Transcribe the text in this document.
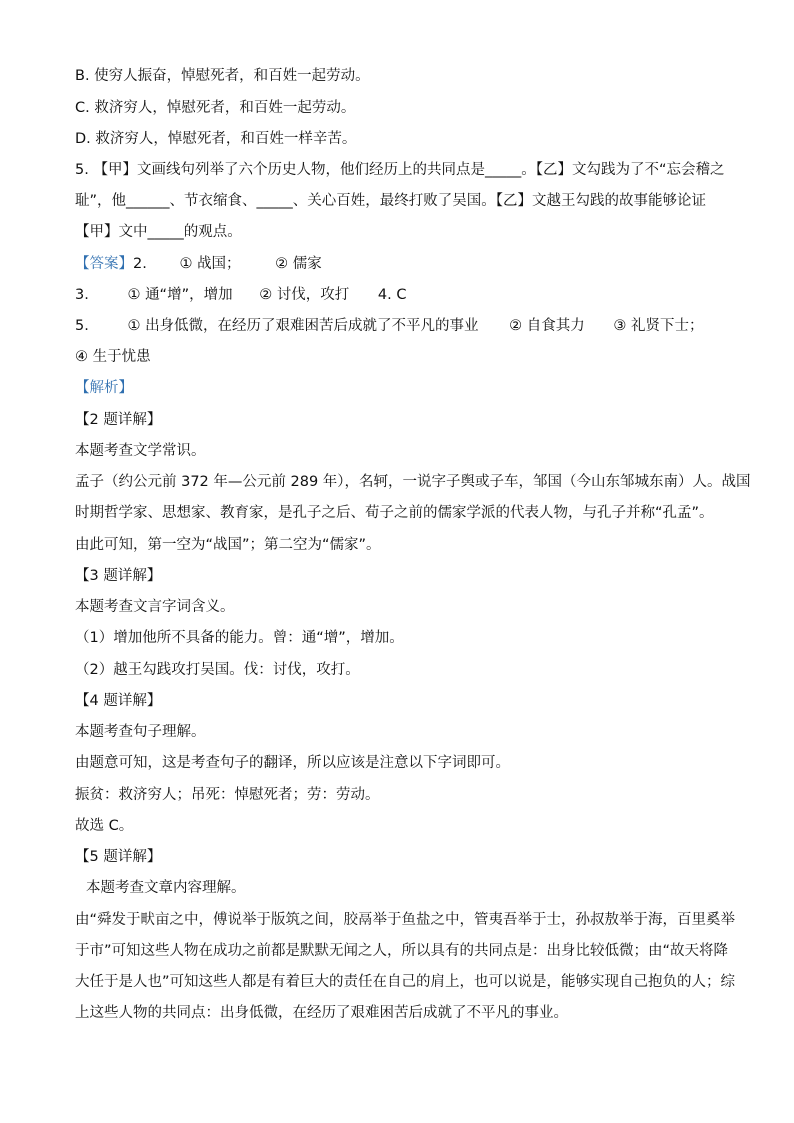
B. 使穷人振奋，悼慰死者，和百姓一起劳动。
C. 救济穷人，悼慰死者，和百姓一起劳动。
D. 救济穷人，悼慰死者，和百姓一样辛苦。
5. 【甲】文画线句列举了六个历史人物，他们经历上的共同点是_____。【乙】文勾践为了不“忘会稽之
耻”，他______、节衣缩食、_____、关心百姓，最终打败了吴国。【乙】文越王勾践的故事能够论证
【甲】文中_____的观点。
【答案】2. ① 战国； ② 儒家
3.	① 通“增”，增加 ② 讨伐，攻打 4. C
5.	① 出身低微，在经历了艰难困苦后成就了不平凡的事业 ② 自食其力 ③ 礼贤下士；
④ 生于忧患
【解析】
【2 题详解】
本题考查文学常识。
孟子（约公元前 372 年—公元前 289 年），名轲，一说字子舆或子车，邹国（今山东邹城东南）人。战国
时期哲学家、思想家、教育家，是孔子之后、荀子之前的儒家学派的代表人物，与孔子并称“孔孟”。
由此可知，第一空为“战国”；第二空为“儒家”。
【3 题详解】
本题考查文言字词含义。
（1）增加他所不具备的能力。曾：通“增”，增加。
（2）越王勾践攻打吴国。伐：讨伐，攻打。
【4 题详解】
本题考查句子理解。
由题意可知，这是考查句子的翻译，所以应该是注意以下字词即可。
振贫：救济穷人；吊死：悼慰死者；劳：劳动。
故选 C。
【5 题详解】
本题考查文章内容理解。
由“舜发于畎亩之中，傅说举于版筑之间，胶鬲举于鱼盐之中，管夷吾举于士，孙叔敖举于海，百里奚举
于市”可知这些人物在成功之前都是默默无闻之人，所以具有的共同点是：出身比较低微；由“故天将降
大任于是人也”可知这些人都是有着巨大的责任在自己的肩上，也可以说是，能够实现自己抱负的人；综
上这些人物的共同点：出身低微，在经历了艰难困苦后成就了不平凡的事业。
